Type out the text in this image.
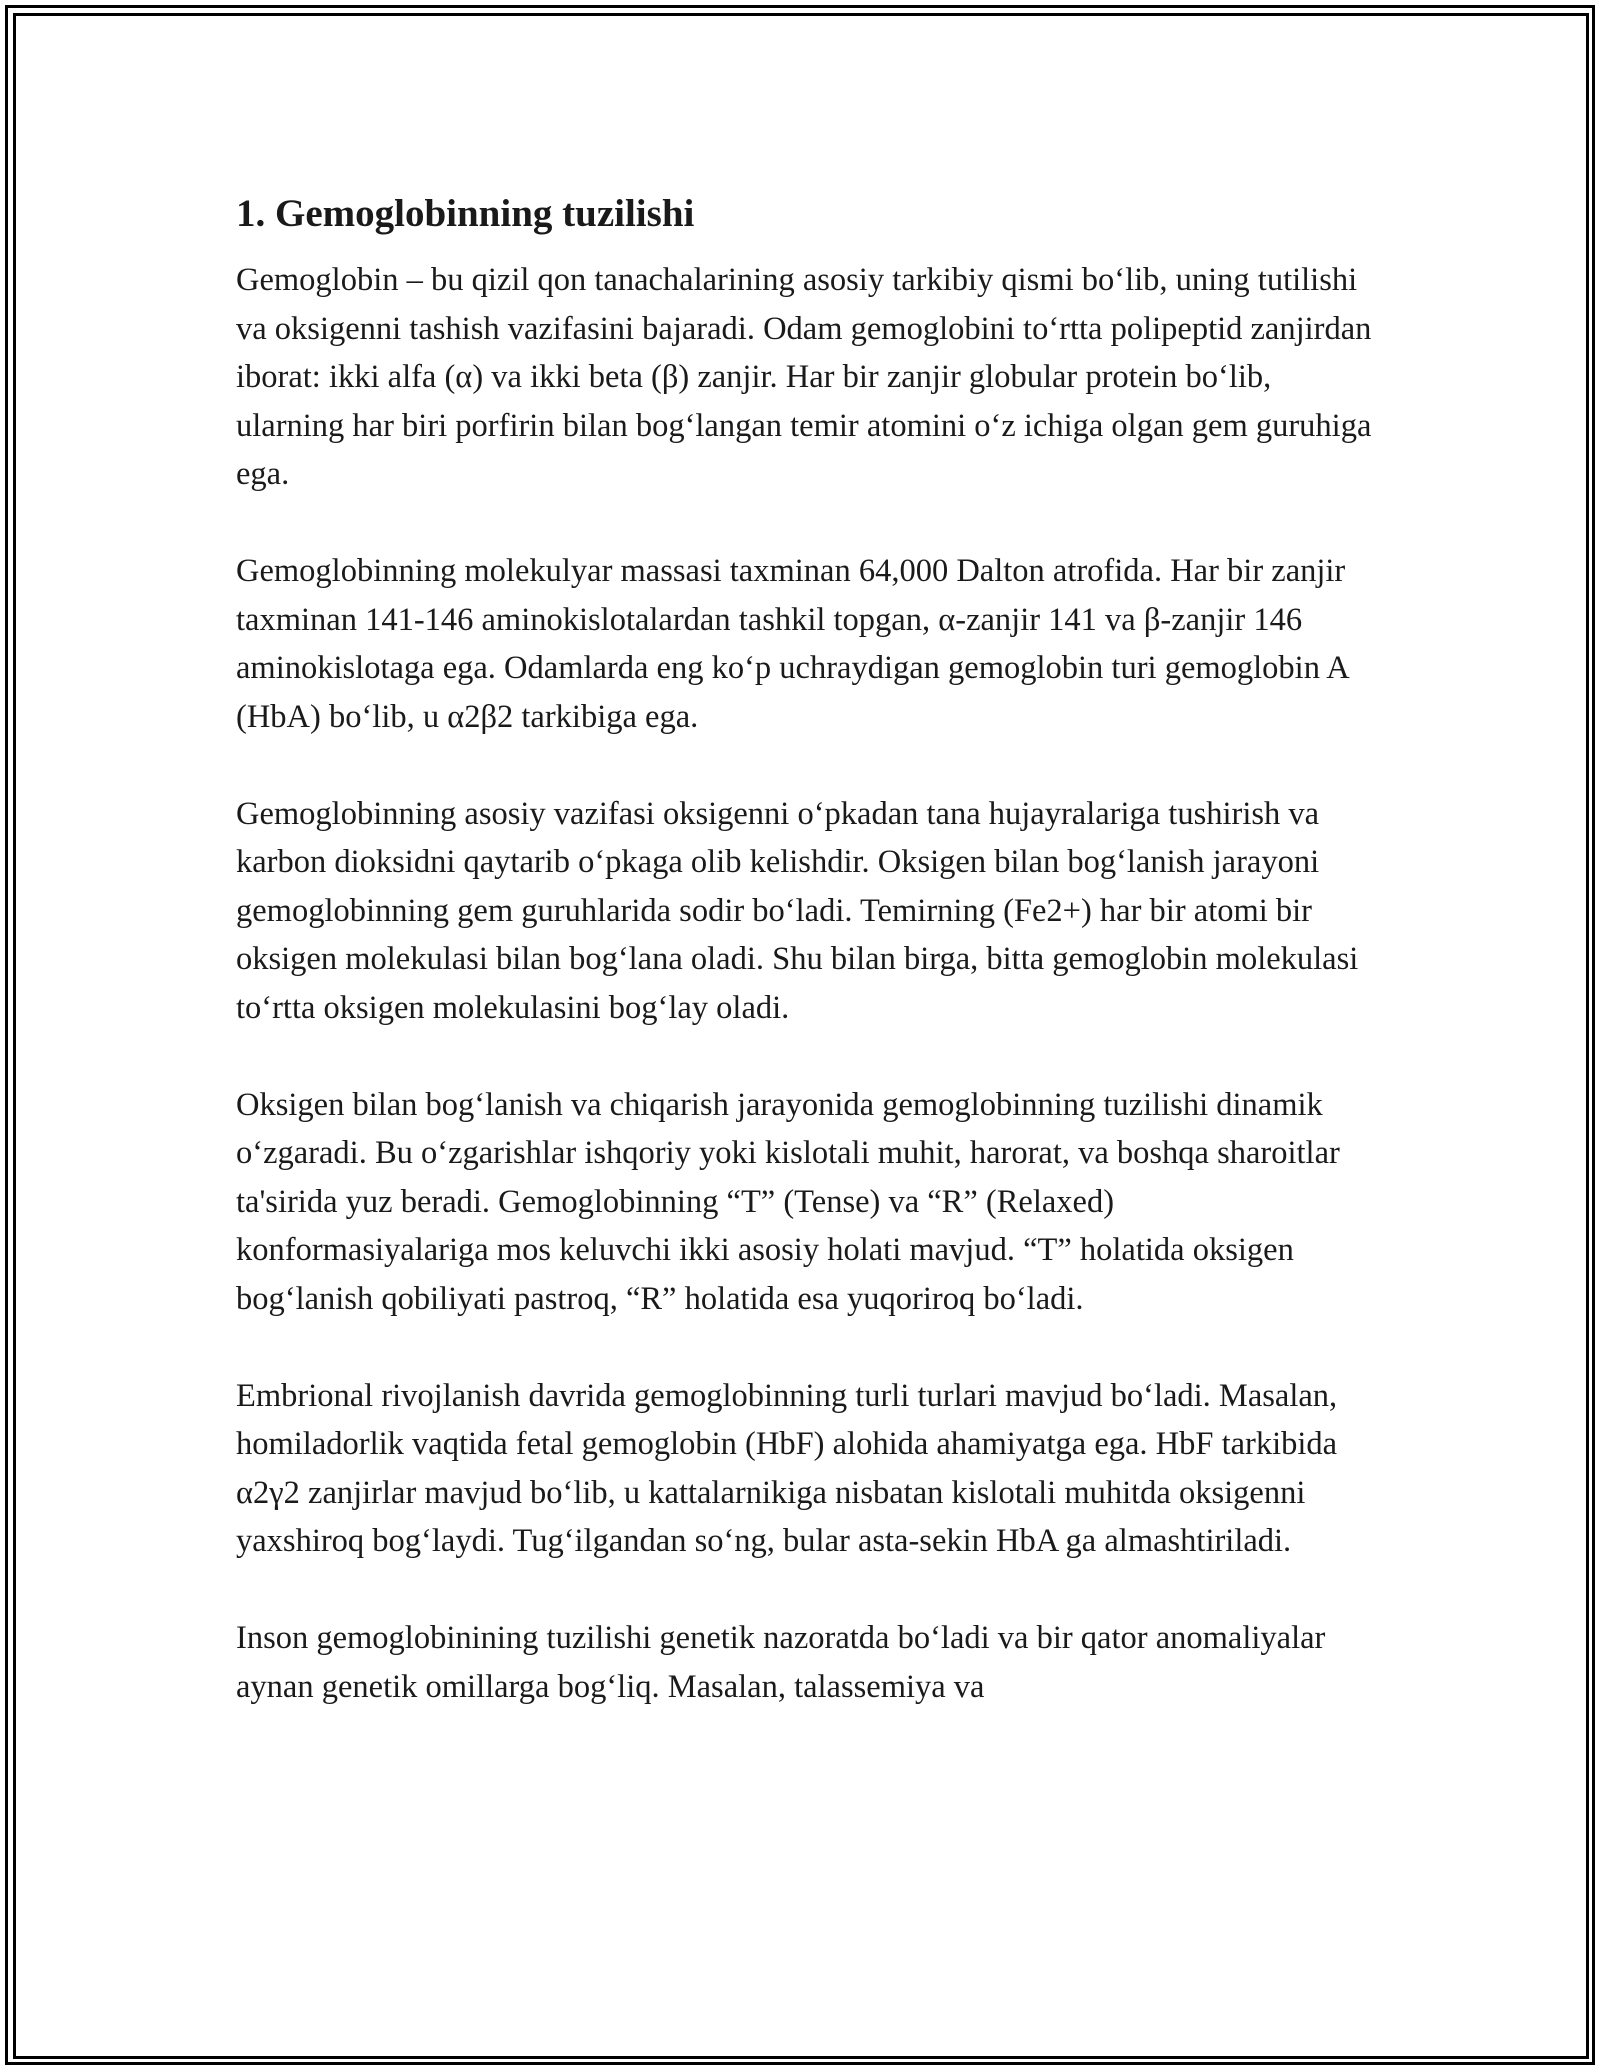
1. Gemoglobinning tuzilishi

Gemoglobin – bu qizil qon tanachalarining asosiy tarkibiy qismi bo‘lib, uning tutilishi va oksigenni tashish vazifasini bajaradi. Odam gemoglobini to‘rtta polipeptid zanjirdan iborat: ikki alfa (α) va ikki beta (β) zanjir. Har bir zanjir globular protein bo‘lib, ularning har biri porfirin bilan bog‘langan temir atomini o‘z ichiga olgan gem guruhiga ega.

Gemoglobinning molekulyar massasi taxminan 64,000 Dalton atrofida. Har bir zanjir taxminan 141-146 aminokislotalardan tashkil topgan, α-zanjir 141 va β-zanjir 146 aminokislotaga ega. Odamlarda eng ko‘p uchraydigan gemoglobin turi gemoglobin A (HbA) bo‘lib, u α2β2 tarkibiga ega.

Gemoglobinning asosiy vazifasi oksigenni o‘pkadan tana hujayralariga tushirish va karbon dioksidni qaytarib o‘pkaga olib kelishdir. Oksigen bilan bog‘lanish jarayoni gemoglobinning gem guruhlarida sodir bo‘ladi. Temirning (Fe2+) har bir atomi bir oksigen molekulasi bilan bog‘lana oladi. Shu bilan birga, bitta gemoglobin molekulasi to‘rtta oksigen molekulasini bog‘lay oladi.

Oksigen bilan bog‘lanish va chiqarish jarayonida gemoglobinning tuzilishi dinamik o‘zgaradi. Bu o‘zgarishlar ishqoriy yoki kislotali muhit, harorat, va boshqa sharoitlar ta'sirida yuz beradi. Gemoglobinning “T” (Tense) va “R” (Relaxed) konformasiyalariga mos keluvchi ikki asosiy holati mavjud. “T” holatida oksigen bog‘lanish qobiliyati pastroq, “R” holatida esa yuqoriroq bo‘ladi.

Embrional rivojlanish davrida gemoglobinning turli turlari mavjud bo‘ladi. Masalan, homiladorlik vaqtida fetal gemoglobin (HbF) alohida ahamiyatga ega. HbF tarkibida α2γ2 zanjirlar mavjud bo‘lib, u kattalarnikiga nisbatan kislotali muhitda oksigenni yaxshiroq bog‘laydi. Tug‘ilgandan so‘ng, bular asta-sekin HbA ga almashtiriladi.

Inson gemoglobinining tuzilishi genetik nazoratda bo‘ladi va bir qator anomaliyalar aynan genetik omillarga bog‘liq. Masalan, talassemiya va
